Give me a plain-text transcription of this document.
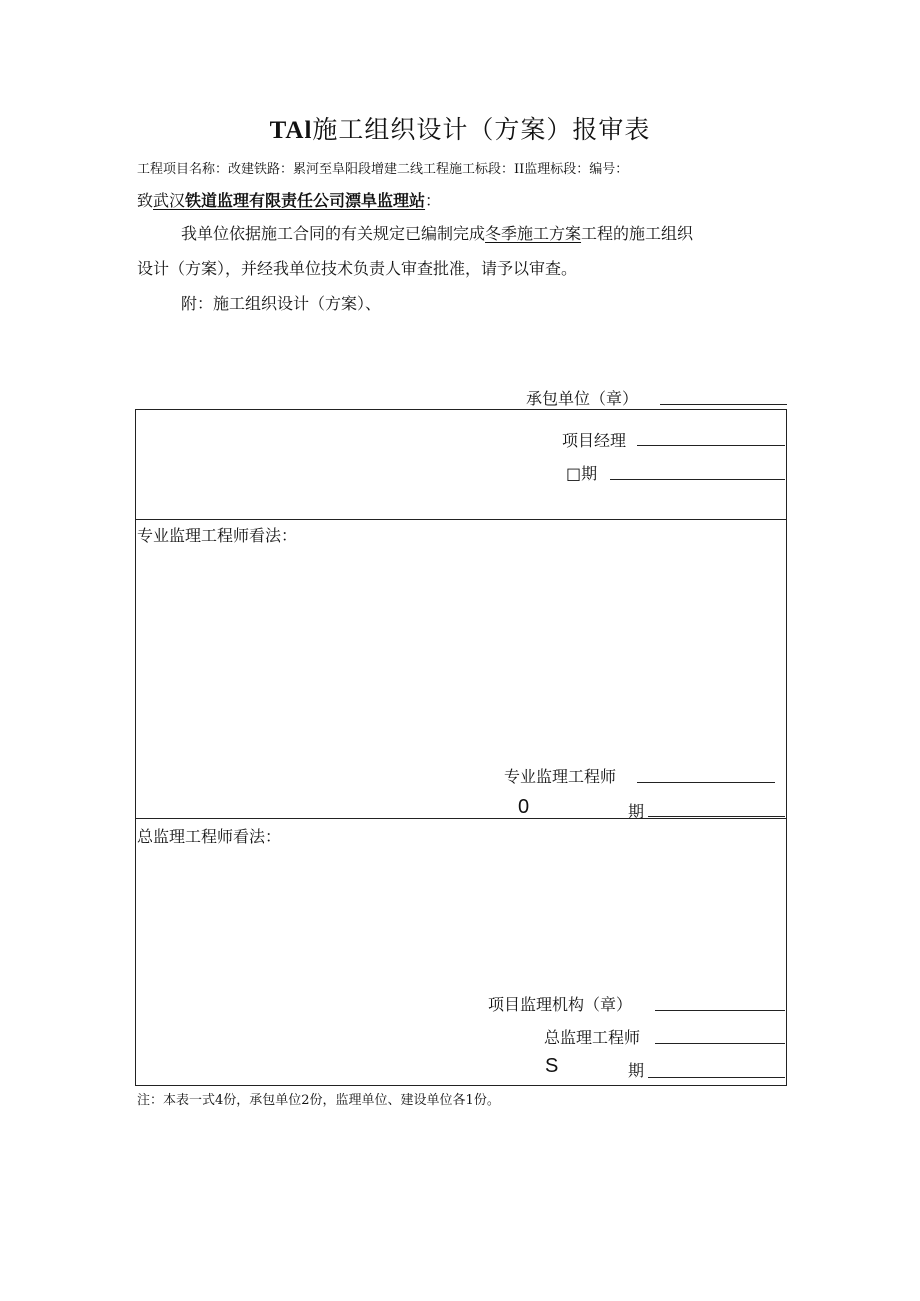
TAl施工组织设计（方案）报审表
工程项目名称：改建铁路：累河至阜阳段增建二线工程施工标段：II监理标段：编号：
致武汉铁道监理有限责任公司漂阜监理站：
我单位依据施工合同的有关规定已编制完成冬季施工方案工程的施工组织
设计（方案），并经我单位技术负责人审查批准，请予以审查。
附：施工组织设计（方案）、
承包单位（章）
项目经理
□期
专业监理工程师看法：
专业监理工程师
0	期
总监理工程师看法：
项目监理机构（章）
总监理工程师
S	期
注：本表一式4份，承包单位2份，监理单位、建设单位各1份。
